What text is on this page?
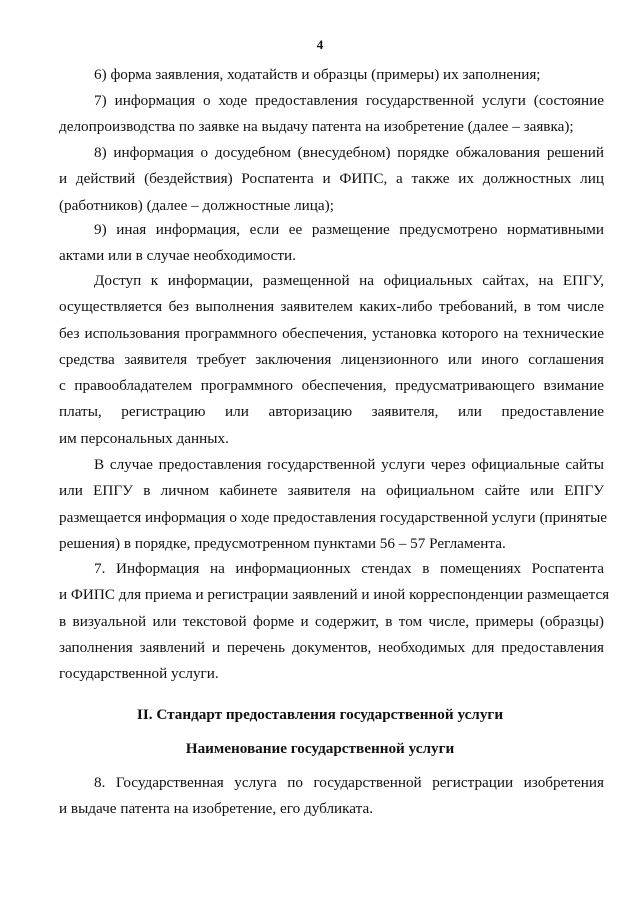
4
6) форма заявления, ходатайств и образцы (примеры) их заполнения;
7) информация о ходе предоставления государственной услуги (состояние
делопроизводства по заявке на выдачу патента на изобретение (далее – заявка);
8) информация о досудебном (внесудебном) порядке обжалования решений
и действий (бездействия) Роспатента и ФИПС, а также их должностных лиц
(работников) (далее – должностные лица);
9) иная информация, если ее размещение предусмотрено нормативными
актами или в случае необходимости.
Доступ к информации, размещенной на официальных сайтах, на ЕПГУ,
осуществляется без выполнения заявителем каких-либо требований, в том числе
без использования программного обеспечения, установка которого на технические
средства заявителя требует заключения лицензионного или иного соглашения
с правообладателем программного обеспечения, предусматривающего взимание
платы, регистрацию или авторизацию заявителя, или предоставление
им персональных данных.
В случае предоставления государственной услуги через официальные сайты
или ЕПГУ в личном кабинете заявителя на официальном сайте или ЕПГУ
размещается информация о ходе предоставления государственной услуги (принятые
решения) в порядке, предусмотренном пунктами 56 – 57 Регламента.
7. Информация на информационных стендах в помещениях Роспатента
и ФИПС для приема и регистрации заявлений и иной корреспонденции размещается
в визуальной или текстовой форме и содержит, в том числе, примеры (образцы)
заполнения заявлений и перечень документов, необходимых для предоставления
государственной услуги.
II. Стандарт предоставления государственной услуги
Наименование государственной услуги
8. Государственная услуга по государственной регистрации изобретения
и выдаче патента на изобретение, его дубликата.
